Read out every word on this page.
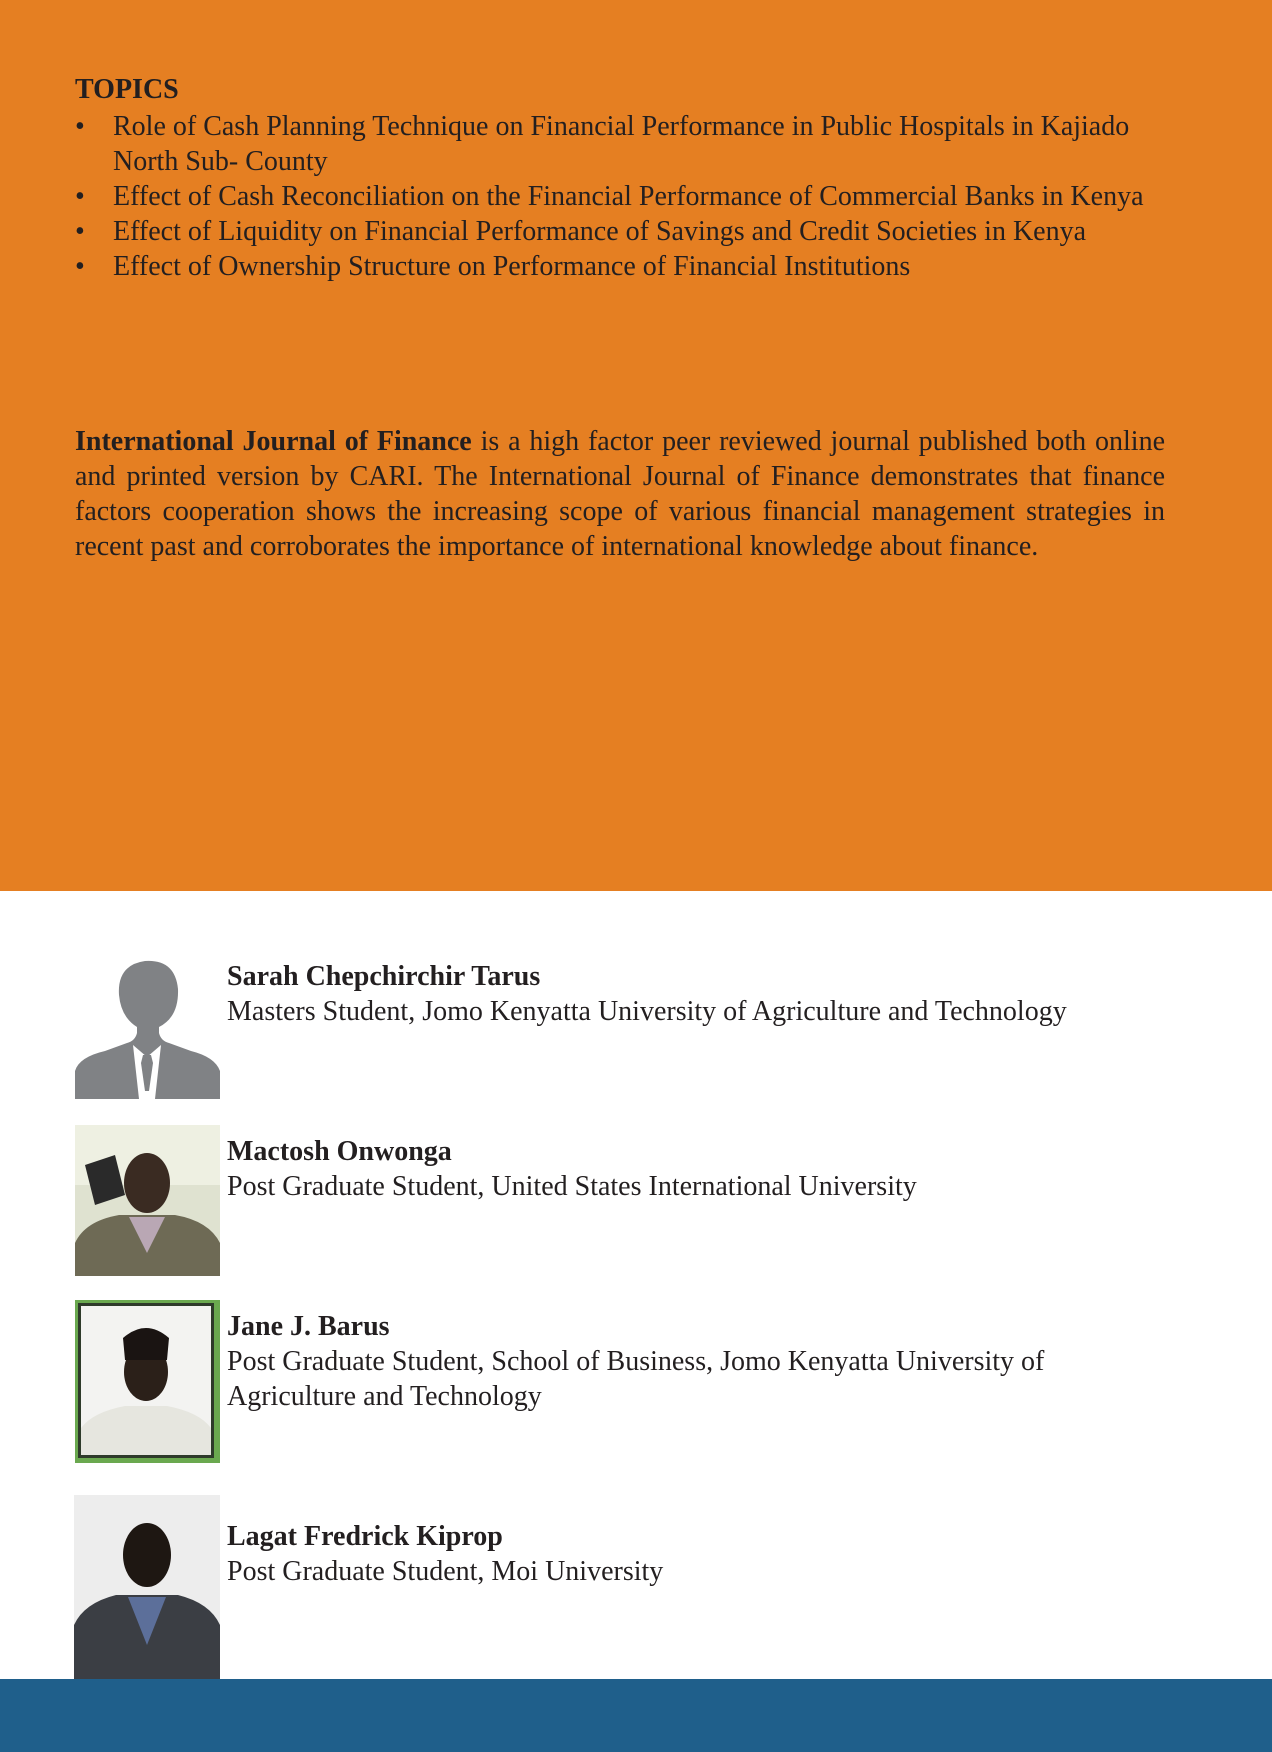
TOPICS
• Role of Cash Planning Technique on Financial Performance in Public Hospitals in Kajiado North Sub- County
• Effect of Cash Reconciliation on the Financial Performance of Commercial Banks in Kenya
• Effect of Liquidity on Financial Performance of Savings and Credit Societies in Kenya
• Effect of Ownership Structure on Performance of Financial Institutions

International Journal of Finance is a high factor peer reviewed journal published both online and printed version by CARI. The International Journal of Finance demonstrates that finance factors cooperation shows the increasing scope of various financial management strategies in recent past and corroborates the importance of international knowledge about finance.

Sarah Chepchirchir Tarus
Masters Student, Jomo Kenyatta University of Agriculture and Technology
Mactosh Onwonga
Post Graduate Student, United States International University
Jane J. Barus
Post Graduate Student, School of Business, Jomo Kenyatta University of Agriculture and Technology
Lagat Fredrick Kiprop
Post Graduate Student, Moi University
